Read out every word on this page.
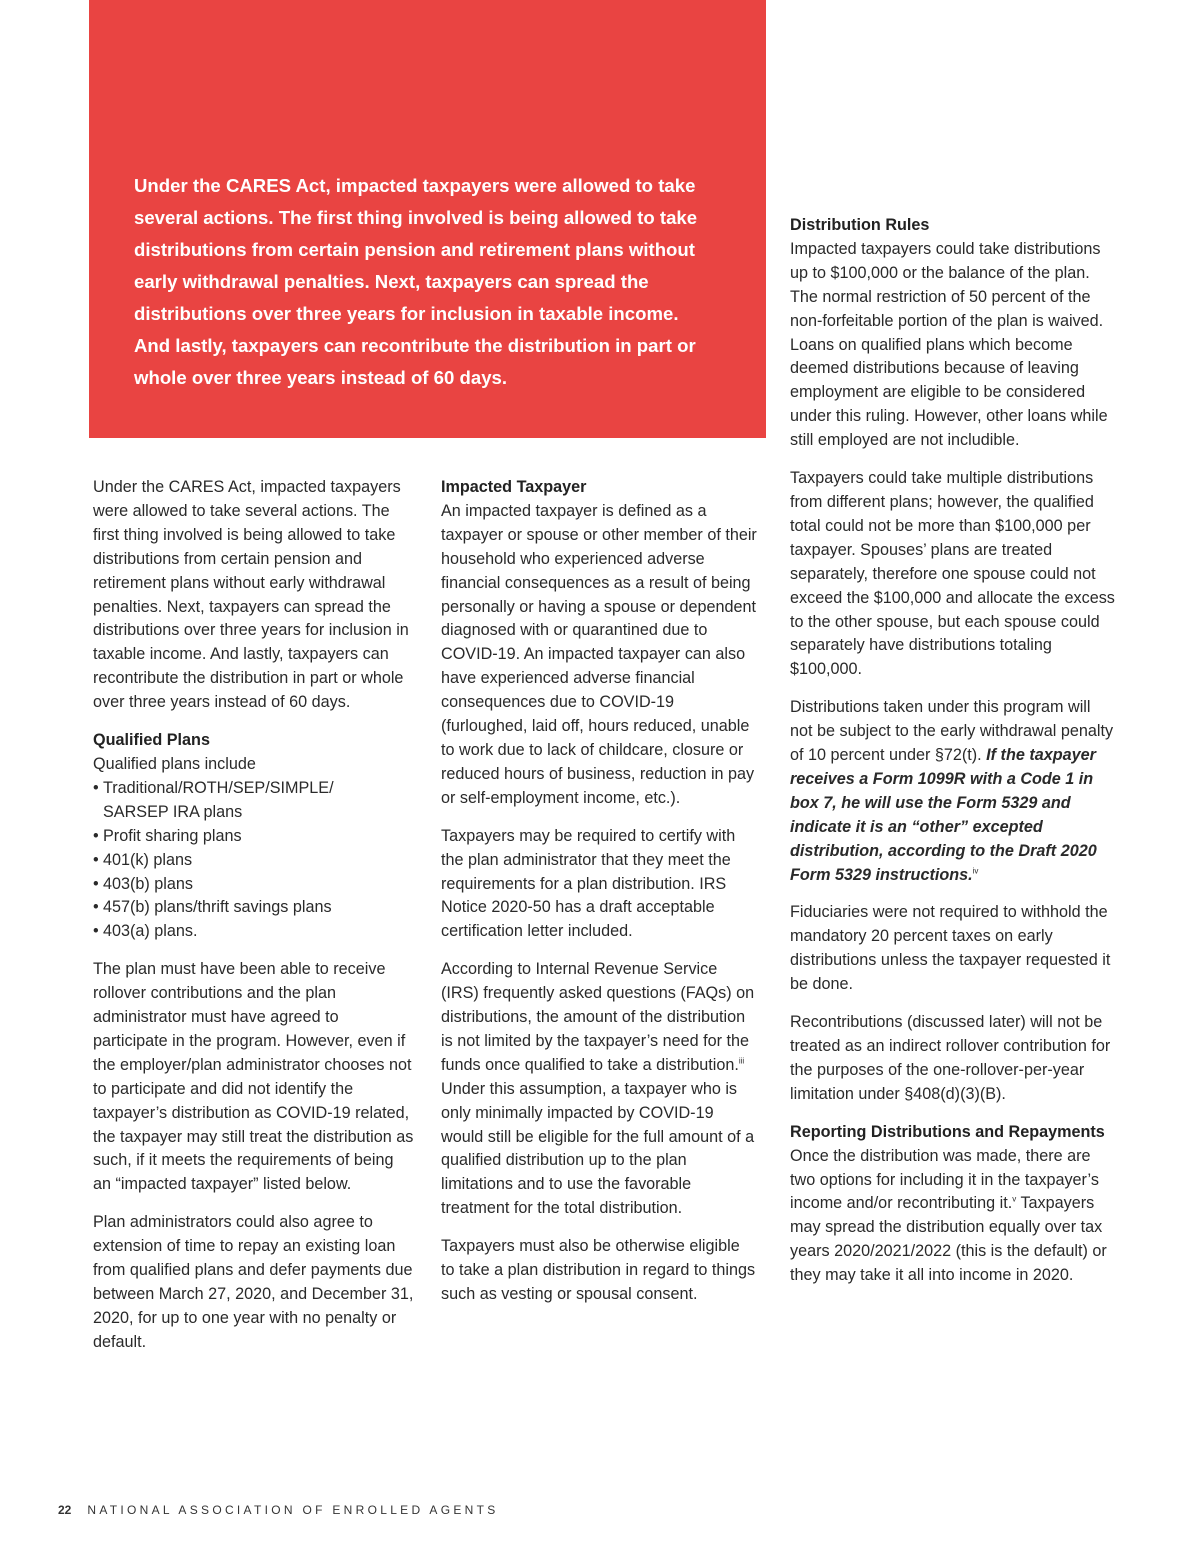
Under the CARES Act, impacted taxpayers were allowed to take several actions. The first thing involved is being allowed to take distributions from certain pension and retirement plans without early withdrawal penalties. Next, taxpayers can spread the distributions over three years for inclusion in taxable income. And lastly, taxpayers can recontribute the distribution in part or whole over three years instead of 60 days.

Under the CARES Act, impacted taxpayers were allowed to take several actions. The first thing involved is being allowed to take distributions from certain pension and retirement plans without early withdrawal penalties. Next, taxpayers can spread the distributions over three years for inclusion in taxable income. And lastly, taxpayers can recontribute the distribution in part or whole over three years instead of 60 days.

Qualified Plans
Qualified plans include
• Traditional/ROTH/SEP/SIMPLE/
SARSEP IRA plans
• Profit sharing plans
• 401(k) plans
• 403(b) plans
• 457(b) plans/thrift savings plans
• 403(a) plans.

The plan must have been able to receive rollover contributions and the plan administrator must have agreed to participate in the program. However, even if the employer/plan administrator chooses not to participate and did not identify the taxpayer’s distribution as COVID-19 related, the taxpayer may still treat the distribution as such, if it meets the requirements of being an “impacted taxpayer” listed below.

Plan administrators could also agree to extension of time to repay an existing loan from qualified plans and defer payments due between March 27, 2020, and December 31, 2020, for up to one year with no penalty or default.

Impacted Taxpayer

An impacted taxpayer is defined as a taxpayer or spouse or other member of their household who experienced adverse financial consequences as a result of being personally or having a spouse or dependent diagnosed with or quarantined due to COVID-19. An impacted taxpayer can also have experienced adverse financial consequences due to COVID-19 (furloughed, laid off, hours reduced, unable to work due to lack of childcare, closure or reduced hours of business, reduction in pay or self-employment income, etc.).

Taxpayers may be required to certify with the plan administrator that they meet the requirements for a plan distribution. IRS Notice 2020-50 has a draft acceptable certification letter included.

According to Internal Revenue Service (IRS) frequently asked questions (FAQs) on distributions, the amount of the distribution is not limited by the taxpayer’s need for the funds once qualified to take a distribution.$^{iii}$ Under this assumption, a taxpayer who is only minimally impacted by COVID-19 would still be eligible for the full amount of a qualified distribution up to the plan limitations and to use the favorable treatment for the total distribution.

Taxpayers must also be otherwise eligible to take a plan distribution in regard to things such as vesting or spousal consent.

Distribution Rules

Impacted taxpayers could take distributions up to $100,000 or the balance of the plan. The normal restriction of 50 percent of the non-forfeitable portion of the plan is waived. Loans on qualified plans which become deemed distributions because of leaving employment are eligible to be considered under this ruling. However, other loans while still employed are not includible.

Taxpayers could take multiple distributions from different plans; however, the qualified total could not be more than $100,000 per taxpayer. Spouses’ plans are treated separately, therefore one spouse could not exceed the $100,000 and allocate the excess to the other spouse, but each spouse could separately have distributions totaling $100,000.

Distributions taken under this program will not be subject to the early withdrawal penalty of 10 percent under §72(t). If the taxpayer receives a Form 1099R with a Code 1 in box 7, he will use the Form 5329 and indicate it is an “other” excepted distribution, according to the Draft 2020 Form 5329 instructions.$^{iv}$

Fiduciaries were not required to withhold the mandatory 20 percent taxes on early distributions unless the taxpayer requested it be done.

Recontributions (discussed later) will not be treated as an indirect rollover contribution for the purposes of the one-rollover-per-year limitation under §408(d)(3)(B).

Reporting Distributions and Repayments

Once the distribution was made, there are two options for including it in the taxpayer’s income and/or recontributing it.$^v$ Taxpayers may spread the distribution equally over tax years 2020/2021/2022 (this is the default) or they may take it all into income in 2020.

22 NATIONAL ASSOCIATION OF ENROLLED AGENTS
